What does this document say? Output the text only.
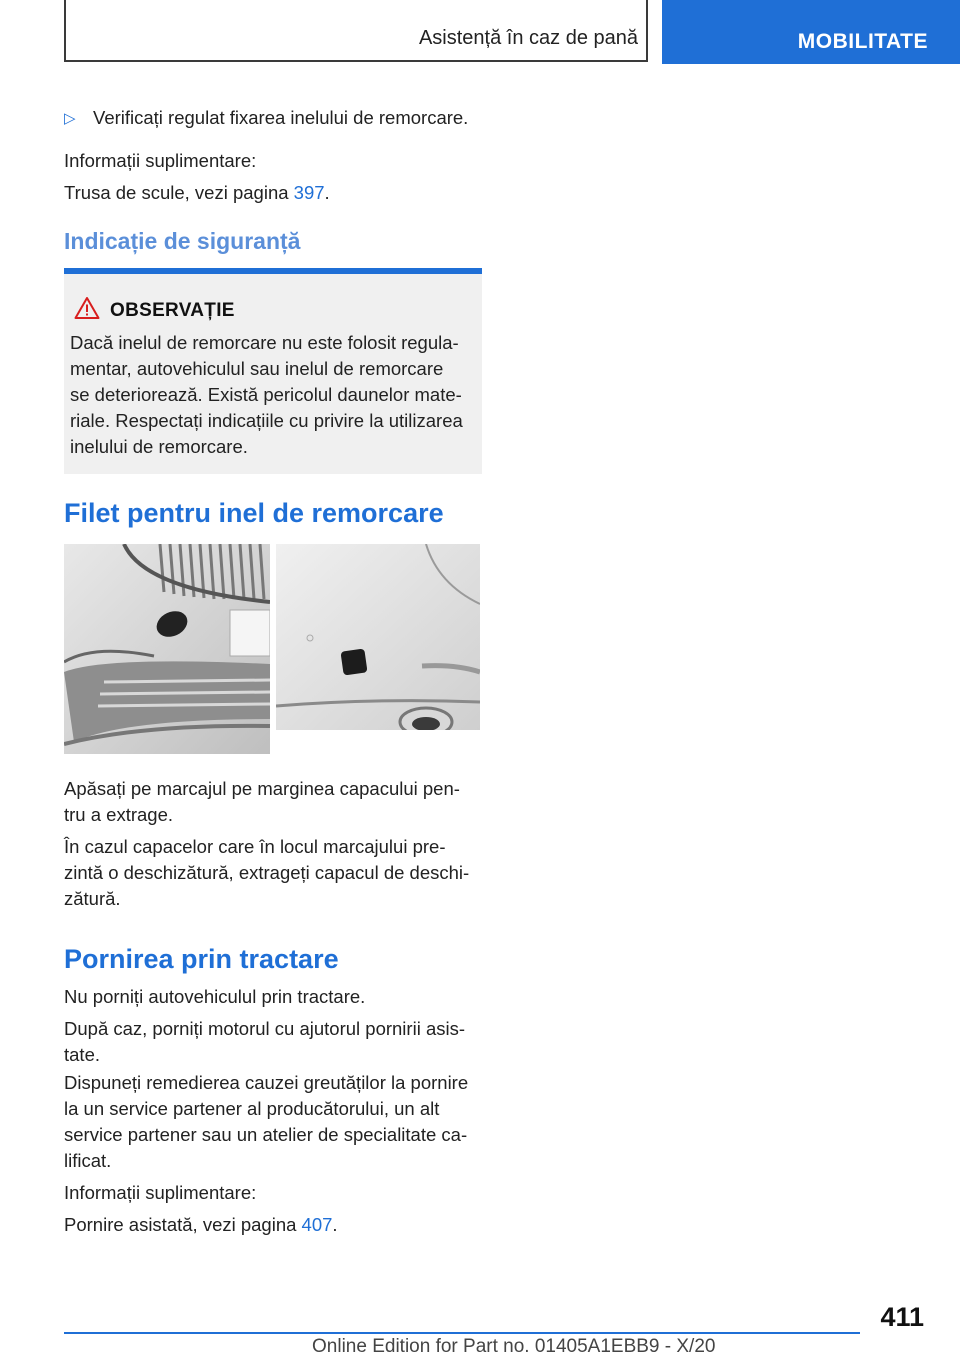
Asistență în caz de pană	MOBILITATE
▷ Verificați regulat fixarea inelului de remorcare.

Informații suplimentare:

Trusa de scule, vezi pagina 397.

Indicație de siguranță
OBSERVAȚIE

Dacă inelul de remorcare nu este folosit regula-

mentar, autovehiculul sau inelul de remorcare

se deteriorează. Există pericolul daunelor mate-

riale. Respectați indicațiile cu privire la utilizarea

inelului de remorcare.

Filet pentru inel de remorcare

Apăsați pe marcajul pe marginea capacului pen-

tru a extrage.

În cazul capacelor care în locul marcajului pre-

zintă o deschizătură, extrageți capacul de deschi-

zătură.

Pornirea prin tractare

Nu porniți autovehiculul prin tractare.

După caz, porniți motorul cu ajutorul pornirii asis-

tate.

Dispuneți remedierea cauzei greutăților la pornire

la un service partener al producătorului, un alt

service partener sau un atelier de specialitate ca-

lificat.

Informații suplimentare:

Pornire asistată, vezi pagina 407.

411
Online Edition for Part no. 01405A1EBB9 - X/20
